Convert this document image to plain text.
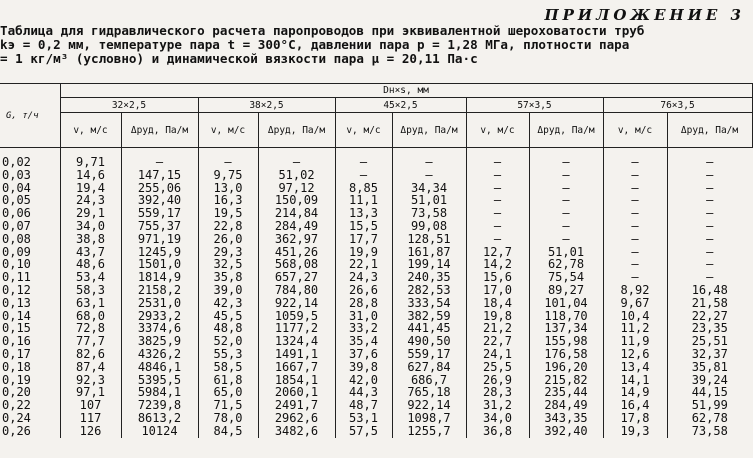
ПРИЛОЖЕНИЕ 3
Таблица для гидравлического расчета паропроводов при эквивалентной шероховатости труб
kэ = 0,2 мм, температуре пара t = 300°С, давлении пара p = 1,28 МГа, плотности пара
= 1 кг/м³ (условно) и динамической вязкости пара μ = 20,11 Па·с
G, т/ч	Dн×s, мм									
	32×2,5		38×2,5		45×2,5		57×3,5		76×3,5	
	v, м/с	Δpуд, Па/м	v, м/с	Δpуд, Па/м	v, м/с	Δpуд, Па/м	v, м/с	Δpуд, Па/м	v, м/с	Δpуд, Па/м
0,02	9,71	—	—	—	—	—	—	—	—	—
0,03	14,6	147,15	9,75	51,02	—	—	—	—	—	—
0,04	19,4	255,06	13,0	97,12	8,85	34,34	—	—	—	—
0,05	24,3	392,40	16,3	150,09	11,1	51,01	—	—	—	—
0,06	29,1	559,17	19,5	214,84	13,3	73,58	—	—	—	—
0,07	34,0	755,37	22,8	284,49	15,5	99,08	—	—	—	—
0,08	38,8	971,19	26,0	362,97	17,7	128,51	—	—	—	—
0,09	43,7	1245,9	29,3	451,26	19,9	161,87	12,7	51,01	—	—
0,10	48,6	1501,0	32,5	568,08	22,1	199,14	14,2	62,78	—	—
0,11	53,4	1814,9	35,8	657,27	24,3	240,35	15,6	75,54	—	—
0,12	58,3	2158,2	39,0	784,80	26,6	282,53	17,0	89,27	8,92	16,48
0,13	63,1	2531,0	42,3	922,14	28,8	333,54	18,4	101,04	9,67	21,58
0,14	68,0	2933,2	45,5	1059,5	31,0	382,59	19,8	118,70	10,4	22,27
0,15	72,8	3374,6	48,8	1177,2	33,2	441,45	21,2	137,34	11,2	23,35
0,16	77,7	3825,9	52,0	1324,4	35,4	490,50	22,7	155,98	11,9	25,51
0,17	82,6	4326,2	55,3	1491,1	37,6	559,17	24,1	176,58	12,6	32,37
0,18	87,4	4846,1	58,5	1667,7	39,8	627,84	25,5	196,20	13,4	35,81
0,19	92,3	5395,5	61,8	1854,1	42,0	686,7	26,9	215,82	14,1	39,24
0,20	97,1	5984,1	65,0	2060,1	44,3	765,18	28,3	235,44	14,9	44,15
0,22	107	7239,8	71,5	2491,7	48,7	922,14	31,2	284,49	16,4	51,99
0,24	117	8613,2	78,0	2962,6	53,1	1098,7	34,0	343,35	17,8	62,78
0,26	126	10124	84,5	3482,6	57,5	1255,7	36,8	392,40	19,3	73,58
